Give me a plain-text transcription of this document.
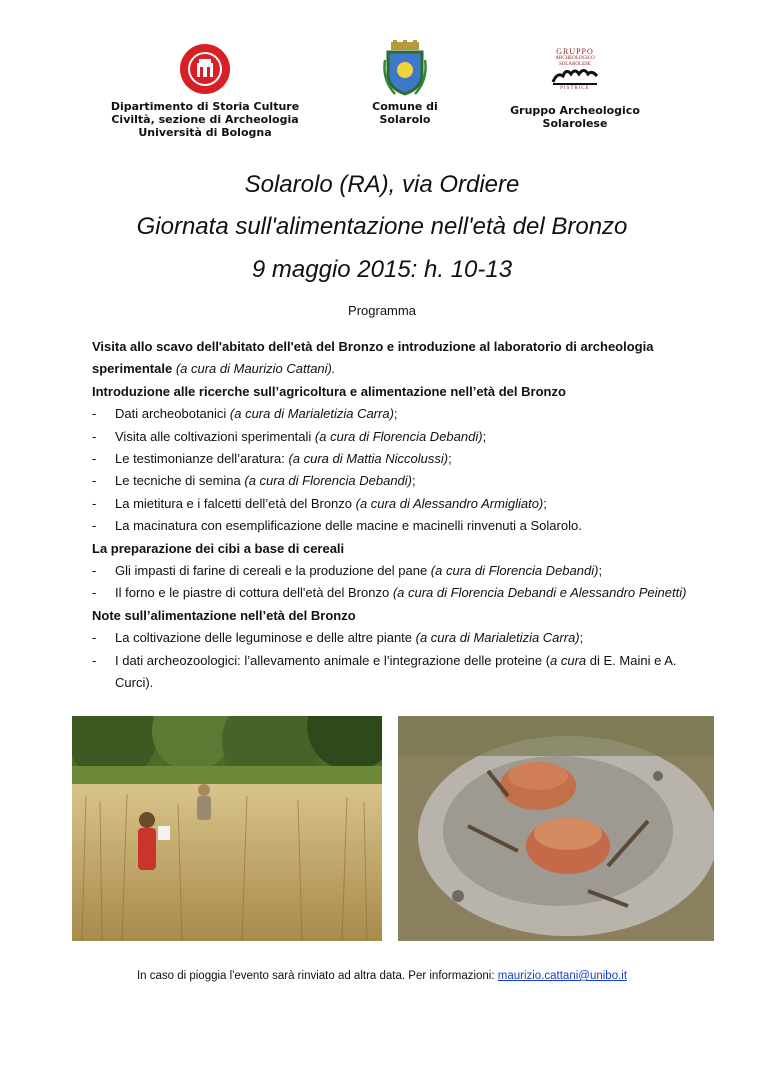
Dipartimento di Storia Culture
Civiltà, sezione di Archeologia
Università di Bologna
Comune di
Solarolo
GRUPPO
ARCHEOLOGICO SOLAROLESE
PISTRICE
Gruppo Archeologico
Solarolese
Solarolo (RA), via Ordiere
Giornata sull'alimentazione nell'età del Bronzo
9 maggio 2015: h. 10-13
Programma
Visita allo scavo dell'abitato dell'età del Bronzo e introduzione al laboratorio di archeologia sperimentale (a cura di Maurizio Cattani).
Introduzione alle ricerche sull’agricoltura e alimentazione nell’età del Bronzo
- Dati archeobotanici (a cura di Marialetizia Carra);
- Visita alle coltivazioni sperimentali (a cura di Florencia Debandi);
- Le testimonianze dell’aratura: (a cura di Mattia Niccolussi);
- Le tecniche di semina (a cura di Florencia Debandi);
- La mietitura e i falcetti dell’età del Bronzo (a cura di Alessandro Armigliato);
- La macinatura con esemplificazione delle macine e macinelli rinvenuti a Solarolo.
La preparazione dei cibi a base di cereali
- Gli impasti di farine di cereali e la produzione del pane (a cura di Florencia Debandi);
- Il forno e le piastre di cottura dell'età del Bronzo (a cura di Florencia Debandi e Alessandro Peinetti)
Note sull’alimentazione nell’età del Bronzo
- La coltivazione delle leguminose e delle altre piante (a cura di Marialetizia Carra);
- I dati archeozoologici: l’allevamento animale e l’integrazione delle proteine (a cura di E. Maini e A. Curci).
In caso di pioggia l'evento sarà rinviato ad altra data. Per informazioni: maurizio.cattani@unibo.it
